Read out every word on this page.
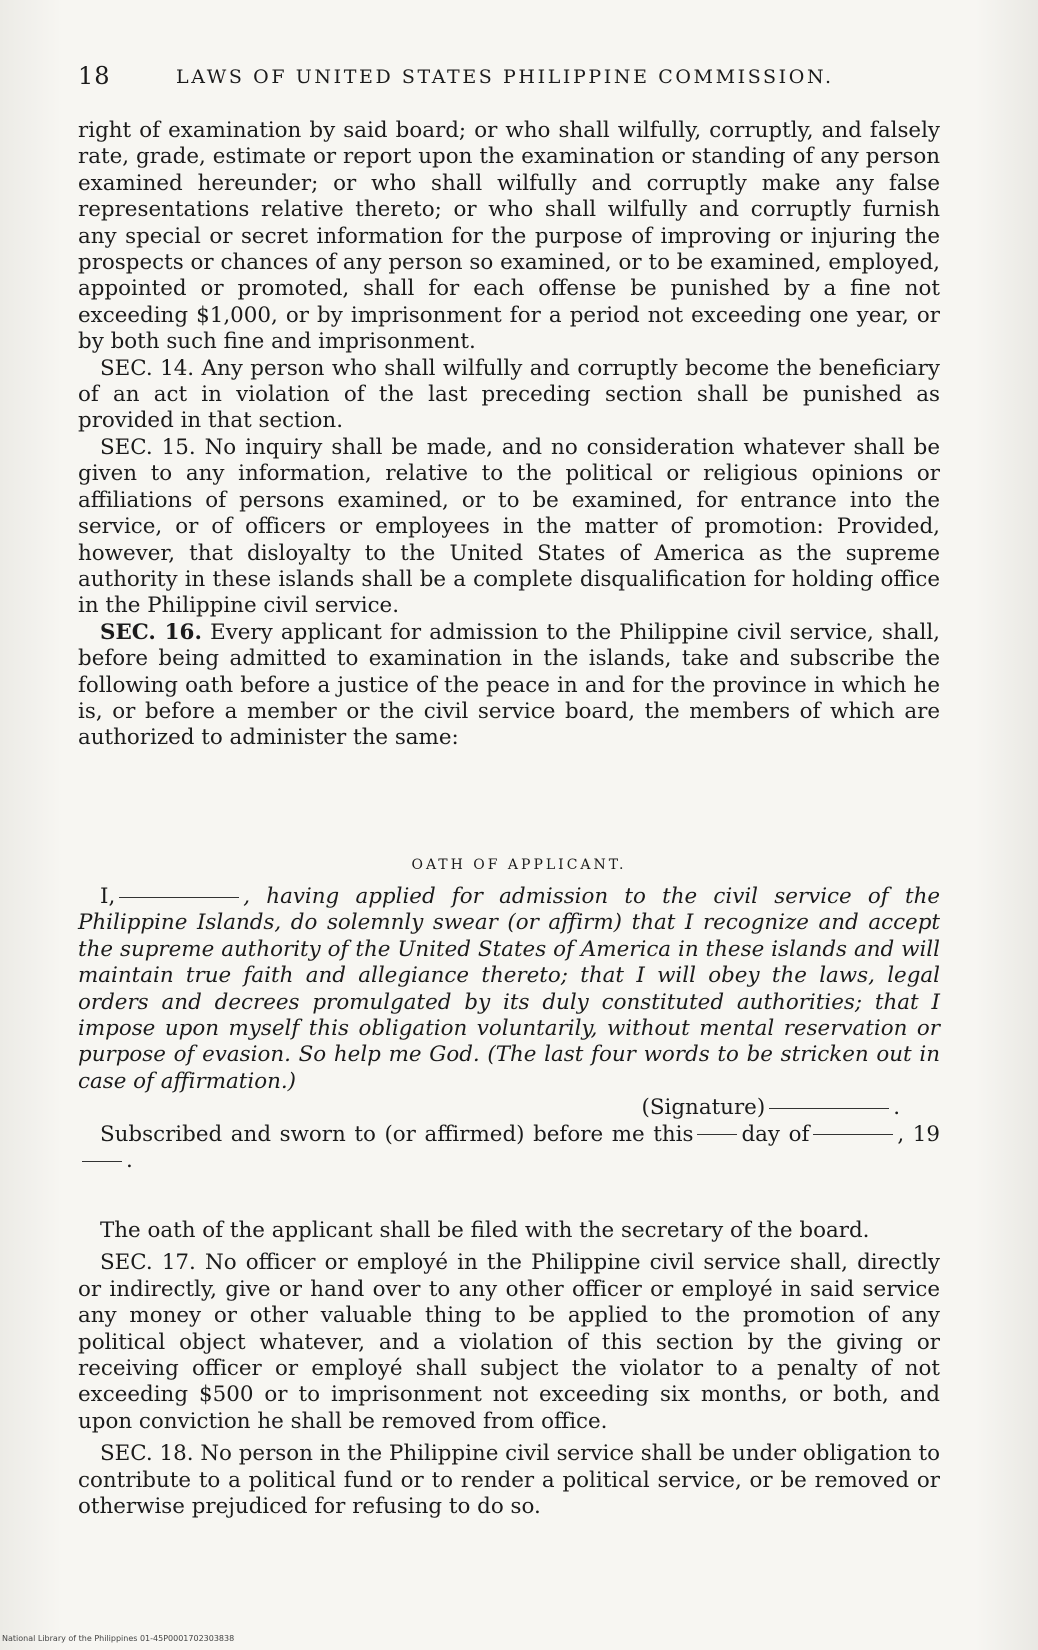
18	LAWS OF UNITED STATES PHILIPPINE COMMISSION.

right of examination by said board; or who shall wilfully, corruptly, and falsely rate, grade, estimate or report upon the examination or standing of any person examined hereunder; or who shall wilfully and corruptly make any false representations relative thereto; or who shall wilfully and corruptly furnish any special or secret information for the purpose of improving or injuring the prospects or chances of any person so examined, or to be examined, employed, appointed or promoted, shall for each offense be punished by a fine not exceeding $1,000, or by imprisonment for a period not exceeding one year, or by both such fine and imprisonment.

SEC. 14. Any person who shall wilfully and corruptly become the beneficiary of an act in violation of the last preceding section shall be punished as provided in that section.

SEC. 15. No inquiry shall be made, and no consideration whatever shall be given to any information, relative to the political or religious opinions or affiliations of persons examined, or to be examined, for entrance into the service, or of officers or employees in the matter of promotion: Provided, however, that disloyalty to the United States of America as the supreme authority in these islands shall be a complete disqualification for holding office in the Philippine civil service.

SEC. 16. Every applicant for admission to the Philippine civil service, shall, before being admitted to examination in the islands, take and subscribe the following oath before a justice of the peace in and for the province in which he is, or before a member or the civil service board, the members of which are authorized to administer the same:

OATH OF APPLICANT.

I,	, having applied for admission to the civil service of the Philippine Islands, do solemnly swear (or affirm) that I recognize and accept the supreme authority of the United States of America in these islands and will maintain true faith and allegiance thereto; that I will obey the laws, legal orders and decrees promulgated by its duly constituted authorities; that I impose upon myself this obligation voluntarily, without mental reservation or purpose of evasion. So help me God. (The last four words to be stricken out in case of affirmation.)

(Signature)	.

Subscribed and sworn to (or affirmed) before me this day of	, 19.

The oath of the applicant shall be filed with the secretary of the board.

SEC. 17. No officer or employé in the Philippine civil service shall, directly or indirectly, give or hand over to any other officer or employé in said service any money or other valuable thing to be applied to the promotion of any political object whatever, and a violation of this section by the giving or receiving officer or employé shall subject the violator to a penalty of not exceeding $500 or to imprisonment not exceeding six months, or both, and upon conviction he shall be removed from office.

SEC. 18. No person in the Philippine civil service shall be under obligation to contribute to a political fund or to render a political service, or be removed or otherwise prejudiced for refusing to do so.

National Library of the Philippines 01-45P0001702303838
